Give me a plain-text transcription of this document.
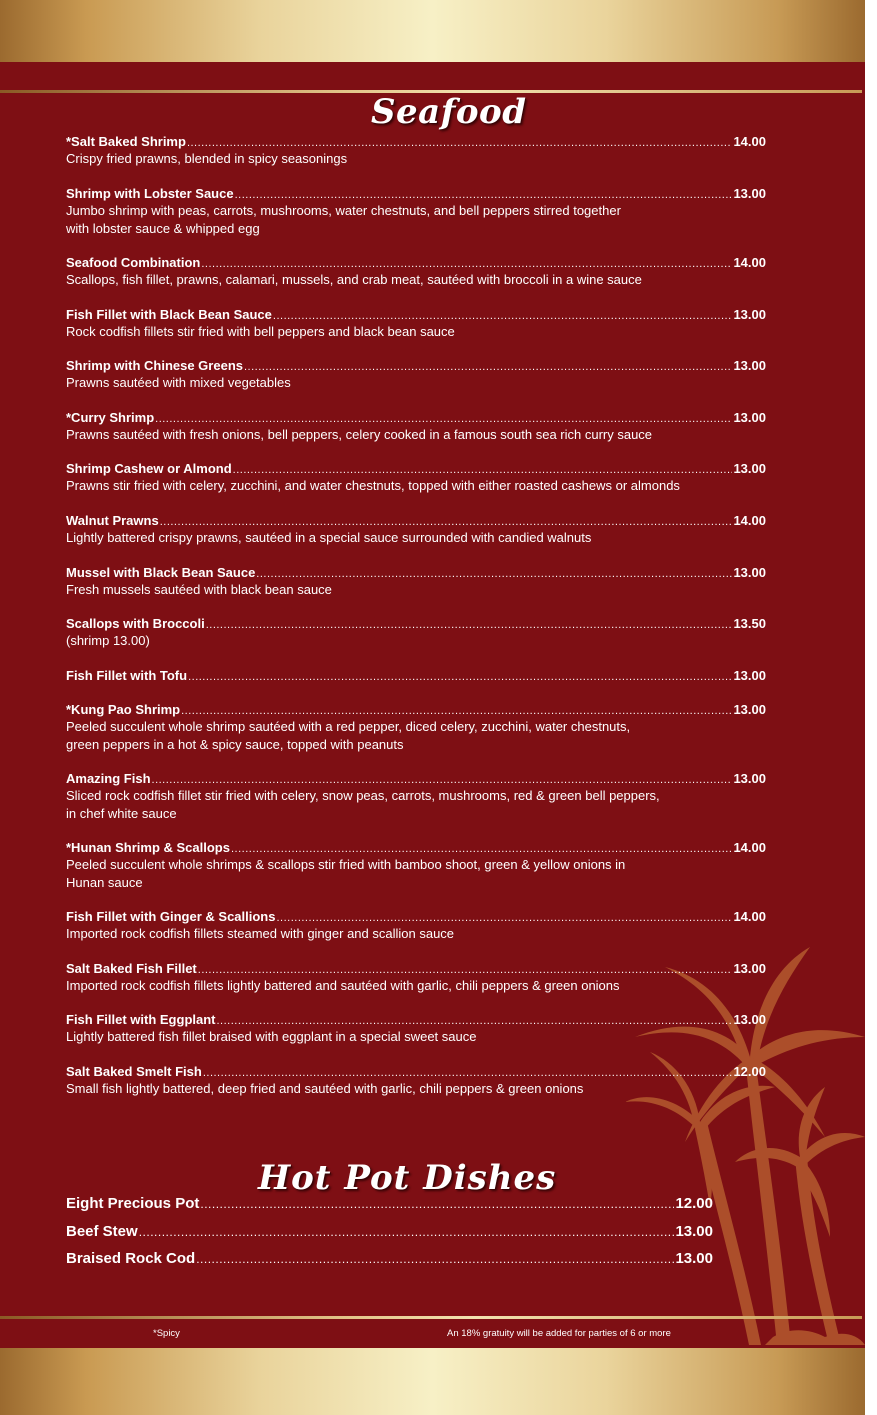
Seafood
*Salt Baked Shrimp .....	14.00

Crispy fried prawns, blended in spicy seasonings

Shrimp with Lobster Sauce .....	13.00

Jumbo shrimp with peas, carrots, mushrooms, water chestnuts, and bell peppers stirred together

with lobster sauce & whipped egg

Seafood Combination .....	14.00

Scallops, fish fillet, prawns, calamari, mussels, and crab meat, sautéed with broccoli in a wine sauce

Fish Fillet with Black Bean Sauce .....	13.00

Rock codfish fillets stir fried with bell peppers and black bean sauce

Shrimp with Chinese Greens .....	13.00

Prawns sautéed with mixed vegetables

*Curry Shrimp .....	13.00

Prawns sautéed with fresh onions, bell peppers, celery cooked in a famous south sea rich curry sauce

Shrimp Cashew or Almond .....	13.00

Prawns stir fried with celery, zucchini, and water chestnuts, topped with either roasted cashews or almonds

Walnut Prawns .....	14.00

Lightly battered crispy prawns, sautéed in a special sauce surrounded with candied walnuts

Mussel with Black Bean Sauce .....	13.00

Fresh mussels sautéed with black bean sauce

Scallops with Broccoli .....	13.50

(shrimp 13.00)

Fish Fillet with Tofu .....	13.00
*Kung Pao Shrimp .....	13.00

Peeled succulent whole shrimp sautéed with a red pepper, diced celery, zucchini, water chestnuts,

green peppers in a hot & spicy sauce, topped with peanuts

Amazing Fish .....	13.00

Sliced rock codfish fillet stir fried with celery, snow peas, carrots, mushrooms, red & green bell peppers,

in chef white sauce

*Hunan Shrimp & Scallops .....	14.00

Peeled succulent whole shrimps & scallops stir fried with bamboo shoot, green & yellow onions in

Hunan sauce

Fish Fillet with Ginger & Scallions .....	14.00

Imported rock codfish fillets steamed with ginger and scallion sauce

Salt Baked Fish Fillet .....	13.00

Imported rock codfish fillets lightly battered and sautéed with garlic, chili peppers & green onions

Fish Fillet with Eggplant .....	13.00

Lightly battered fish fillet braised with eggplant in a special sweet sauce

Salt Baked Smelt Fish .....	12.00

Small fish lightly battered, deep fried and sautéed with garlic, chili peppers & green onions

Hot Pot Dishes
Eight Precious Pot .....	12.00
Beef Stew .....	13.00
Braised Rock Cod .....	13.00
*Spicy	An 18% gratuity will be added for parties of 6 or more
